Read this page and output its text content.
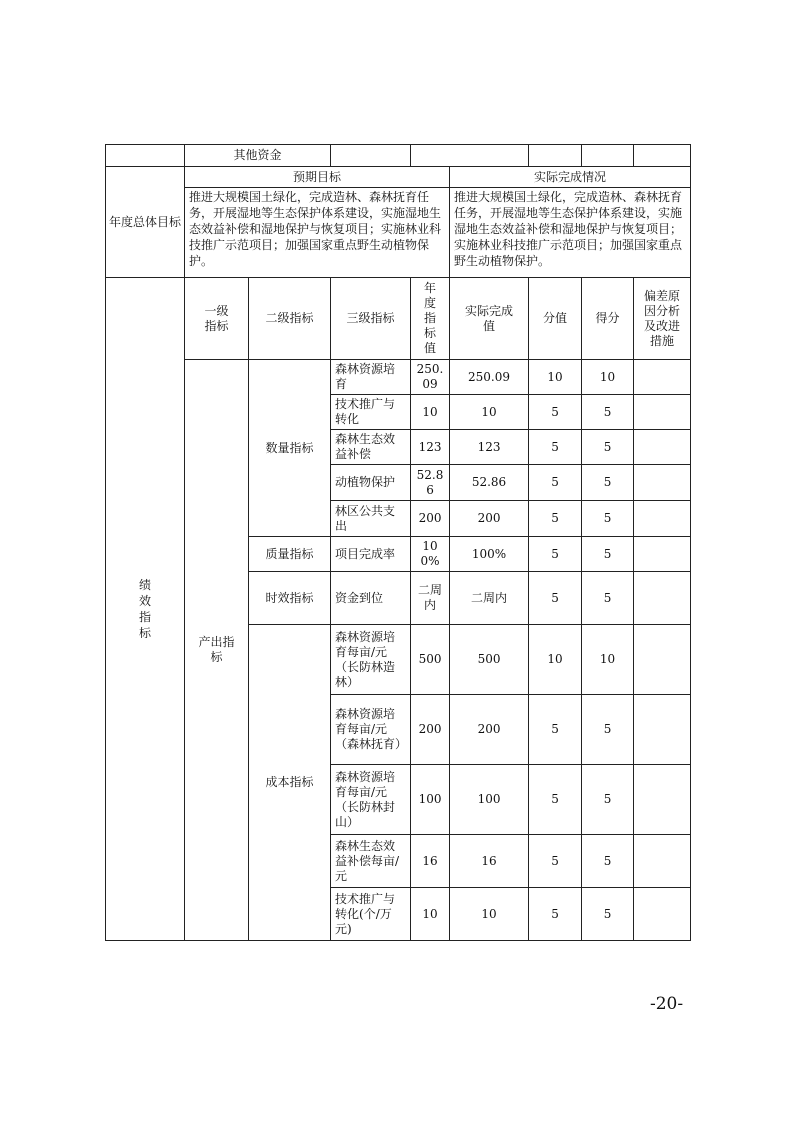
	其他资金							
年度总体目标	预期目标				实际完成情况			
	推进大规模国土绿化，完成造林、森林抚育任务，开展湿地等生态保护体系建设，实施湿地生态效益补偿和湿地保护与恢复项目；实施林业科技推广示范项目；加强国家重点野生动植物保护。				推进大规模国土绿化，完成造林、森林抚育任务，开展湿地等生态保护体系建设，实施湿地生态效益补偿和湿地保护与恢复项目；实施林业科技推广示范项目；加强国家重点野生动植物保护。			

绩效指标	一级指标	二级指标	三级指标	年度指标值	实际完成值	分值	得分	偏差原因分析及改进措施

	产出指标	数量指标	森林资源培育	250.09	250.09	10	10	
			技术推广与转化	10	10	5	5	
			森林生态效益补偿	123	123	5	5	
			动植物保护	52.86	52.86	5	5	
			林区公共支出	200	200	5	5	
		质量指标	项目完成率	100%	100%	5	5	
		时效指标	资金到位	二周内	二周内	5	5	
		成本指标	森林资源培育每亩/元（长防林造林）	500	500	10	10	
			森林资源培育每亩/元（森林抚育）	200	200	5	5	
			森林资源培育每亩/元（长防林封山）	100	100	5	5	
			森林生态效益补偿每亩/元	16	16	5	5	
			技术推广与转化(个/万元)	10	10	5	5	
-20-
